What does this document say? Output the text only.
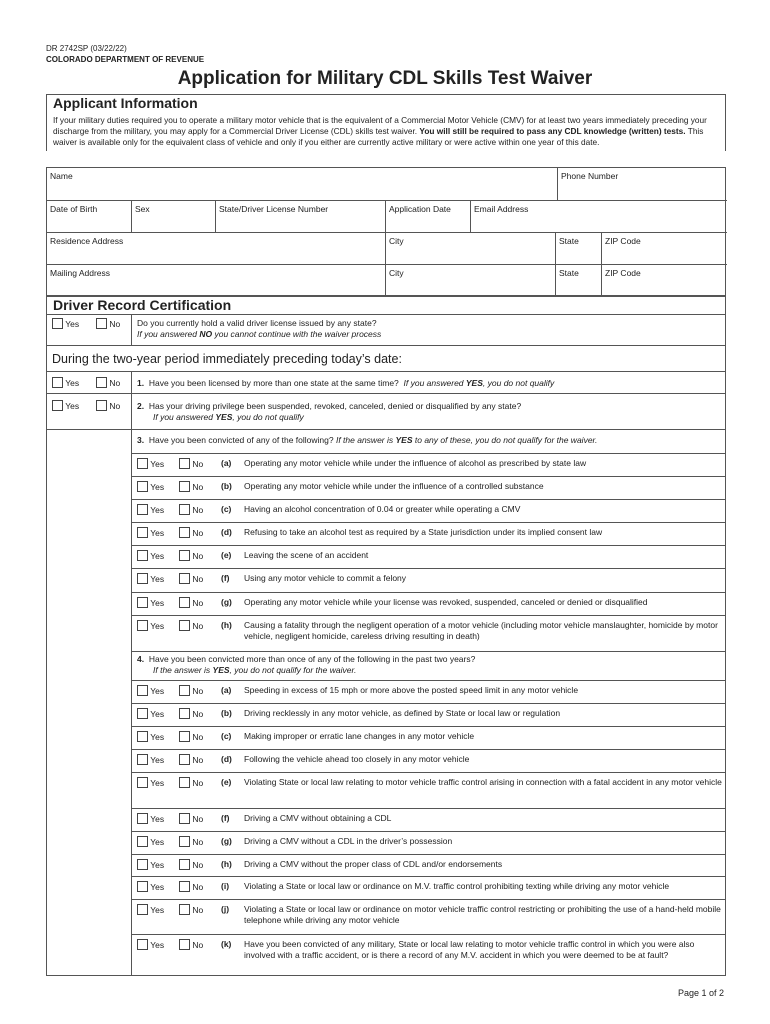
DR 2742SP (03/22/22)
COLORADO DEPARTMENT OF REVENUE
Application for Military CDL Skills Test Waiver
Applicant Information
If your military duties required you to operate a military motor vehicle that is the equivalent of a Commercial Motor Vehicle (CMV) for at least two years immediately preceding your discharge from the military, you may apply for a Commercial Driver License (CDL) skills test waiver. You will still be required to pass any CDL knowledge (written) tests. This waiver is available only for the equivalent class of vehicle and only if you either are currently active military or were active within one year of this date.
Name	Phone Number
Date of Birth	Sex	State/Driver License Number	Application Date	Email Address
Residence Address	City	State	ZIP Code
Mailing Address	City	State	ZIP Code
Driver Record Certification
Yes	No Do you currently hold a valid driver license issued by any state?
If you answered NO you cannot continue with the waiver process
During the two-year period immediately preceding today’s date:
Yes	No 1. Have you been licensed by more than one state at the same time? If you answered YES, you do not qualify
Yes	No 2. Has your driving privilege been suspended, revoked, canceled, denied or disqualified by any state?
If you answered YES, you do not qualify
3. Have you been convicted of any of the following? If the answer is YES to any of these, you do not qualify for the waiver.
Yes	No (a) Operating any motor vehicle while under the influence of alcohol as prescribed by state law
Yes	No (b) Operating any motor vehicle while under the influence of a controlled substance
Yes	No (c) Having an alcohol concentration of 0.04 or greater while operating a CMV
Yes	No (d) Refusing to take an alcohol test as required by a State jurisdiction under its implied consent law
Yes	No (e) Leaving the scene of an accident
Yes	No (f) Using any motor vehicle to commit a felony
Yes	No (g) Operating any motor vehicle while your license was revoked, suspended, canceled or denied or disqualified
Yes	No (h) Causing a fatality through the negligent operation of a motor vehicle (including motor vehicle manslaughter, homicide by motor vehicle, negligent homicide, careless driving resulting in death)
4. Have you been convicted more than once of any of the following in the past two years?
If the answer is YES, you do not qualify for the waiver.
Yes	No (a) Speeding in excess of 15 mph or more above the posted speed limit in any motor vehicle
Yes	No (b) Driving recklessly in any motor vehicle, as defined by State or local law or regulation
Yes	No (c) Making improper or erratic lane changes in any motor vehicle
Yes	No (d) Following the vehicle ahead too closely in any motor vehicle
Yes	No (e) Violating State or local law relating to motor vehicle traffic control arising in connection with a fatal accident in any motor vehicle
Yes	No (f) Driving a CMV without obtaining a CDL
Yes	No (g) Driving a CMV without a CDL in the driver’s possession
Yes	No (h) Driving a CMV without the proper class of CDL and/or endorsements
Yes	No (i) Violating a State or local law or ordinance on M.V. traffic control prohibiting texting while driving any motor vehicle
Yes	No (j) Violating a State or local law or ordinance on motor vehicle traffic control restricting or prohibiting the use of a hand-held mobile telephone while driving any motor vehicle
Yes	No (k) Have you been convicted of any military, State or local law relating to motor vehicle traffic control in which you were also involved with a traffic accident, or is there a record of any M.V. accident in which you were deemed to be at fault?
Page 1 of 2
